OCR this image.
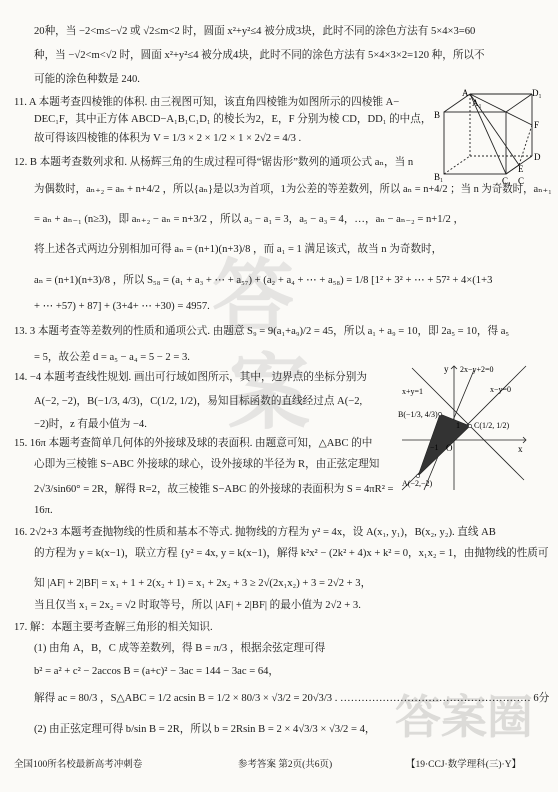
答
案
答案圈
20种，当 −2<m≤−√2 或 √2≤m<2 时，圆面 x²+y²≤4 被分成3块，此时不同的涂色方法有 5×4×3=60
种，当 −√2<m<√2 时，圆面 x²+y²≤4 被分成4块，此时不同的涂色方法有 5×4×3×2=120 种，所以不
可能的涂色种数是 240.
11. A 本题考查四棱锥的体积. 由三视图可知，该直角四棱锥为如图所示的四棱锥 A−
DEC₁F，其中正方体 ABCD−A₁B₁C₁D₁ 的棱长为2，E，F 分别为棱 CD，DD₁ 的中点，
故可得该四棱锥的体积为 V = 1/3 × 2 × 1/2 × 1 × 2√2 = 4/3 .
12. B 本题考查数列求和. 从杨辉三角的生成过程可得“锯齿形”数列的通项公式 aₙ，当 n
为偶数时，aₙ₊₂ = aₙ + n+4/2 ，所以{aₙ}是以3为首项，1为公差的等差数列，所以 aₙ = n+4/2 ；当 n 为奇数时，aₙ₊₁
= aₙ + aₙ₋₁ (n≥3)，即 aₙ₊₂ − aₙ = n+3/2 ，所以 a₃ − a₁ = 3，a₅ − a₃ = 4，…，aₙ − aₙ₋₂ = n+1/2 ，
将上述各式两边分别相加可得 aₙ = (n+1)(n+3)/8 ，而 a₁ = 1 满足该式，故当 n 为奇数时，
aₙ = (n+1)(n+3)/8 ，所以 S₅₈ = (a₁ + a₃ + ⋯ + a₅₇) + (a₂ + a₄ + ⋯ + a₅₈) = 1/8 [1² + 3² + ⋯ + 57² + 4×(1+3
+ ⋯ +57) + 87] + (3+4+ ⋯ +30) = 4957.
13. 3 本题考查等差数列的性质和通项公式. 由题意 S₉ = 9(a₁+a₉)/2 = 45，所以 a₁ + a₉ = 10，即 2a₅ = 10，得 a₅
= 5，故公差 d = a₅ − a₄ = 5 − 2 = 3.
14. −4 本题考查线性规划. 画出可行域如图所示，其中，边界点的坐标分别为
A(−2, −2)，B(−1/3, 4/3)，C(1/2, 1/2)，易知目标函数的直线经过点 A(−2,
−2)时，z 有最小值为 −4.
15. 16π 本题考查简单几何体的外接球及球的表面积. 由题意可知，△ABC 的中
心即为三棱锥 S−ABC 外接球的球心，设外接球的半径为 R，由正弦定理知
2√3/sin60° = 2R，解得 R=2，故三棱锥 S−ABC 的外接球的表面积为 S = 4πR² =
16π.
16. 2√2+3 本题考查抛物线的性质和基本不等式. 抛物线的方程为 y² = 4x，设 A(x₁, y₁)，B(x₂, y₂). 直线 AB
的方程为 y = k(x−1)，联立方程 {y² = 4x, y = k(x−1)，解得 k²x² − (2k² + 4)x + k² = 0，x₁x₂ = 1，由抛物线的性质可
知 |AF| + 2|BF| = x₁ + 1 + 2(x₂ + 1) = x₁ + 2x₂ + 3 ≥ 2√(2x₁x₂) + 3 = 2√2 + 3，
当且仅当 x₁ = 2x₂ = √2 时取等号，所以 |AF| + 2|BF| 的最小值为 2√2 + 3.
17. 解：本题主要考查解三角形的相关知识.
(1) 由角 A，B，C 成等差数列，得 B = π/3 ，根据余弦定理可得
b² = a² + c² − 2accos B = (a+c)² − 3ac = 144 − 3ac = 64，
解得 ac = 80/3 ，S△ABC = 1/2 acsin B = 1/2 × 80/3 × √3/2 = 20√3/3 . ……………………………………………… 6分
(2) 由正弦定理可得 b/sin B = 2R，所以 b = 2Rsin B = 2 × 4√3/3 × √3/2 = 4，
A
B
C
D
D₁
C₁
A₁
B₁
E
F
y
x
O
2x−y+2=0
x−y=0
x+y=1
B(−1/3, 4/3)
C(1/2, 1/2)
A(−2,−2)
1
−1
全国100所名校最新高考冲刺卷	参考答案 第2页(共6页)	【19·CCJ·数学理科(三)·Y】
